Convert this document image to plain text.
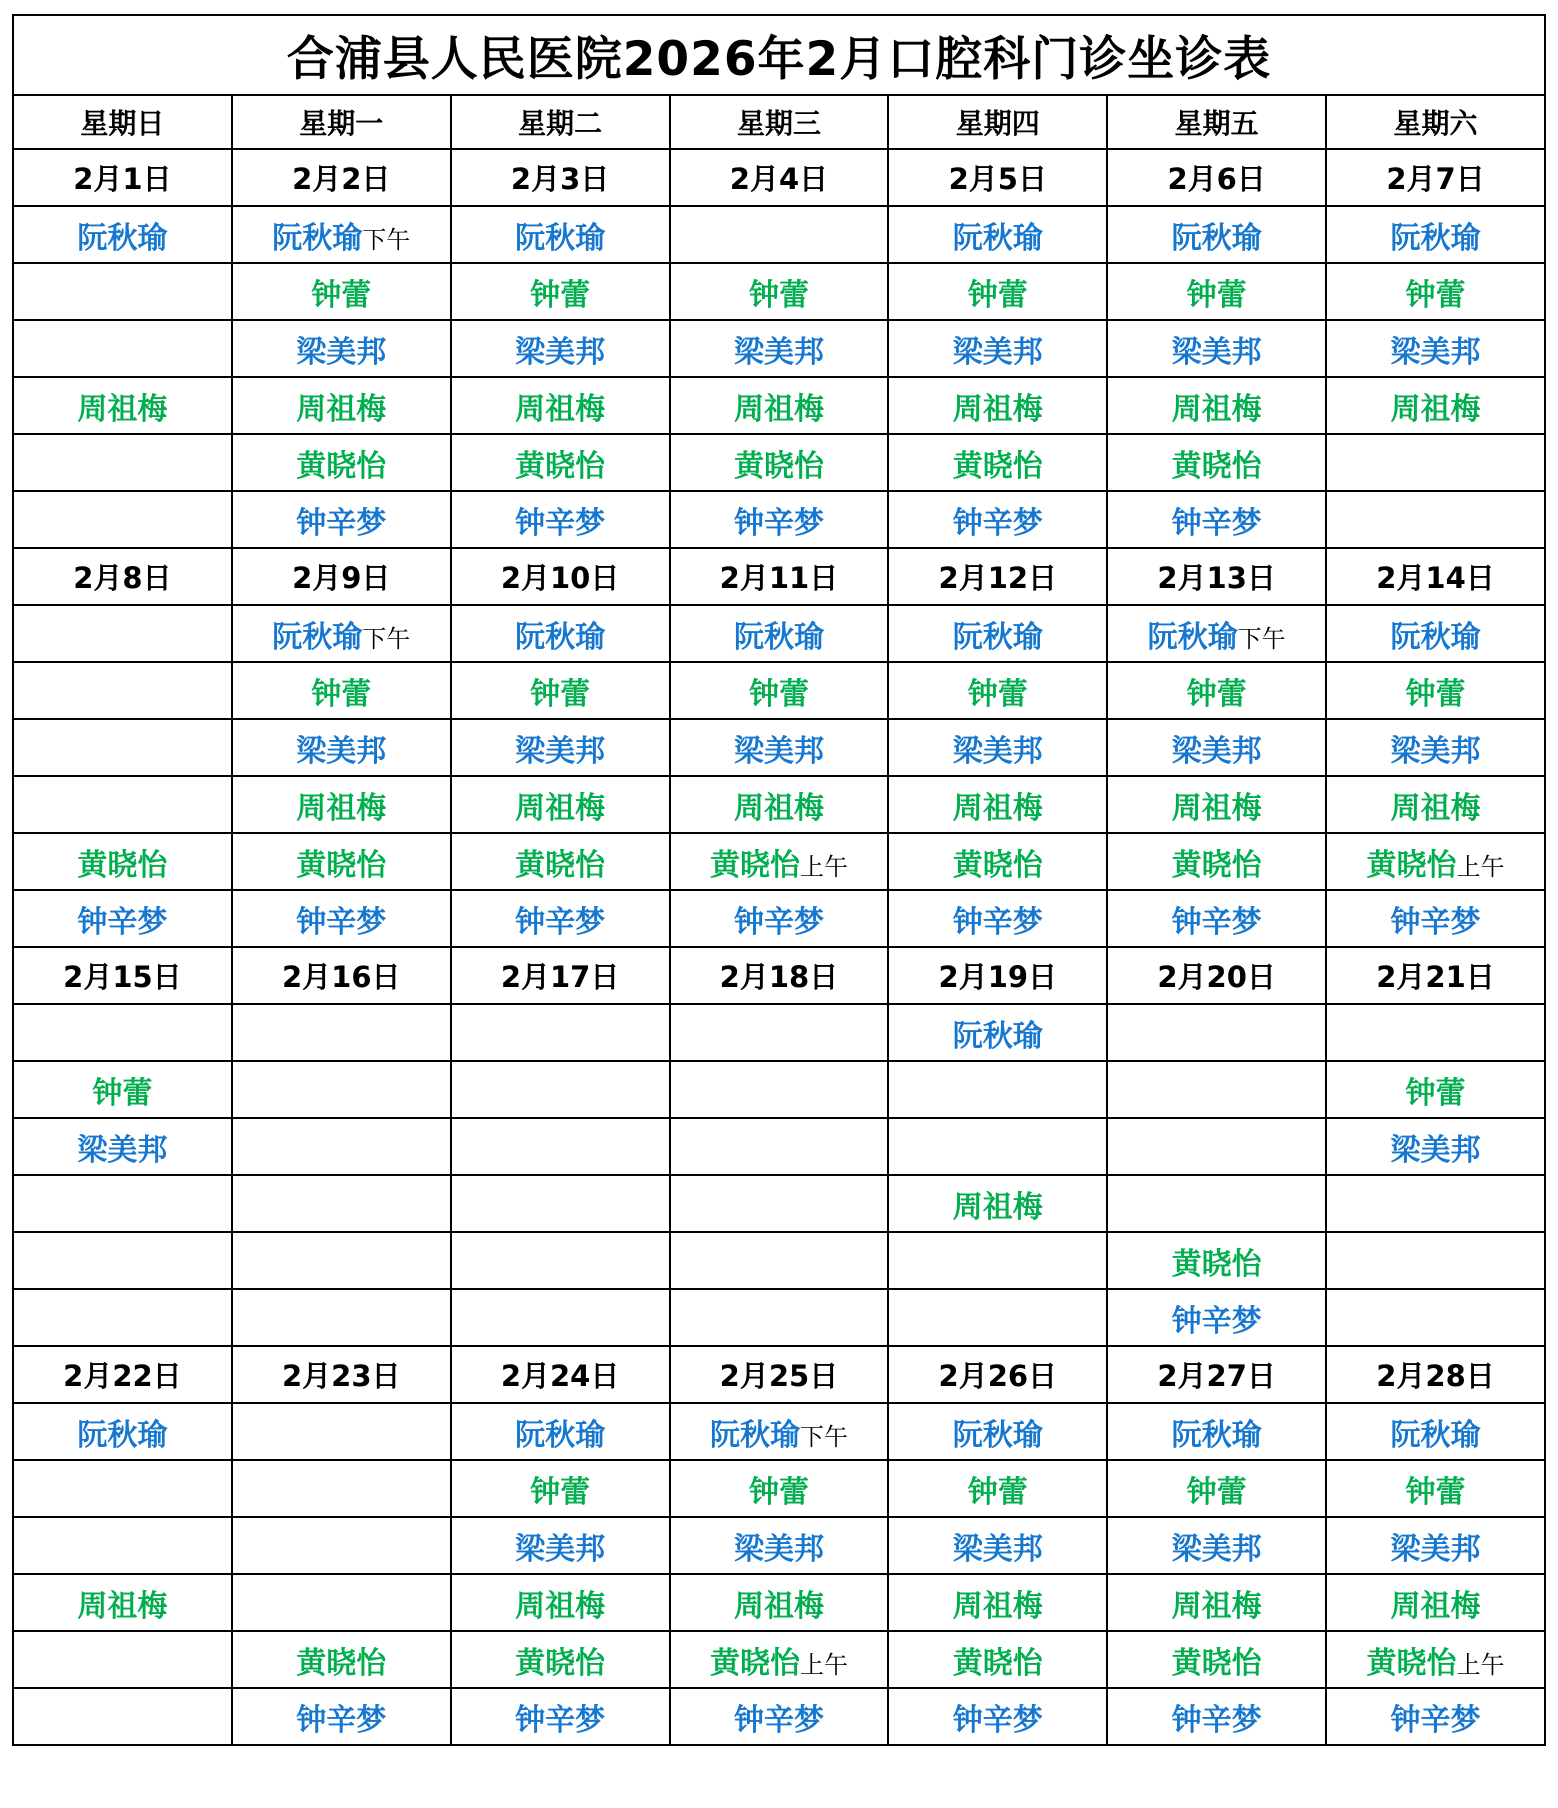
合浦县人民医院2026年2月口腔科门诊坐诊表						
星期日	星期一	星期二	星期三	星期四	星期五	星期六
2月1日	2月2日	2月3日	2月4日	2月5日	2月6日	2月7日
阮秋瑜	阮秋瑜下午	阮秋瑜		阮秋瑜	阮秋瑜	阮秋瑜
	钟蕾	钟蕾	钟蕾	钟蕾	钟蕾	钟蕾
	梁美邦	梁美邦	梁美邦	梁美邦	梁美邦	梁美邦
周祖梅	周祖梅	周祖梅	周祖梅	周祖梅	周祖梅	周祖梅
	黄晓怡	黄晓怡	黄晓怡	黄晓怡	黄晓怡	
	钟辛梦	钟辛梦	钟辛梦	钟辛梦	钟辛梦	
2月8日	2月9日	2月10日	2月11日	2月12日	2月13日	2月14日
	阮秋瑜下午	阮秋瑜	阮秋瑜	阮秋瑜	阮秋瑜下午	阮秋瑜
	钟蕾	钟蕾	钟蕾	钟蕾	钟蕾	钟蕾
	梁美邦	梁美邦	梁美邦	梁美邦	梁美邦	梁美邦
	周祖梅	周祖梅	周祖梅	周祖梅	周祖梅	周祖梅
黄晓怡	黄晓怡	黄晓怡	黄晓怡上午	黄晓怡	黄晓怡	黄晓怡上午
钟辛梦	钟辛梦	钟辛梦	钟辛梦	钟辛梦	钟辛梦	钟辛梦
2月15日	2月16日	2月17日	2月18日	2月19日	2月20日	2月21日
				阮秋瑜		
钟蕾						钟蕾
梁美邦						梁美邦
				周祖梅		
					黄晓怡	
					钟辛梦	
2月22日	2月23日	2月24日	2月25日	2月26日	2月27日	2月28日
阮秋瑜		阮秋瑜	阮秋瑜下午	阮秋瑜	阮秋瑜	阮秋瑜
		钟蕾	钟蕾	钟蕾	钟蕾	钟蕾
		梁美邦	梁美邦	梁美邦	梁美邦	梁美邦
周祖梅		周祖梅	周祖梅	周祖梅	周祖梅	周祖梅
	黄晓怡	黄晓怡	黄晓怡上午	黄晓怡	黄晓怡	黄晓怡上午
	钟辛梦	钟辛梦	钟辛梦	钟辛梦	钟辛梦	钟辛梦
